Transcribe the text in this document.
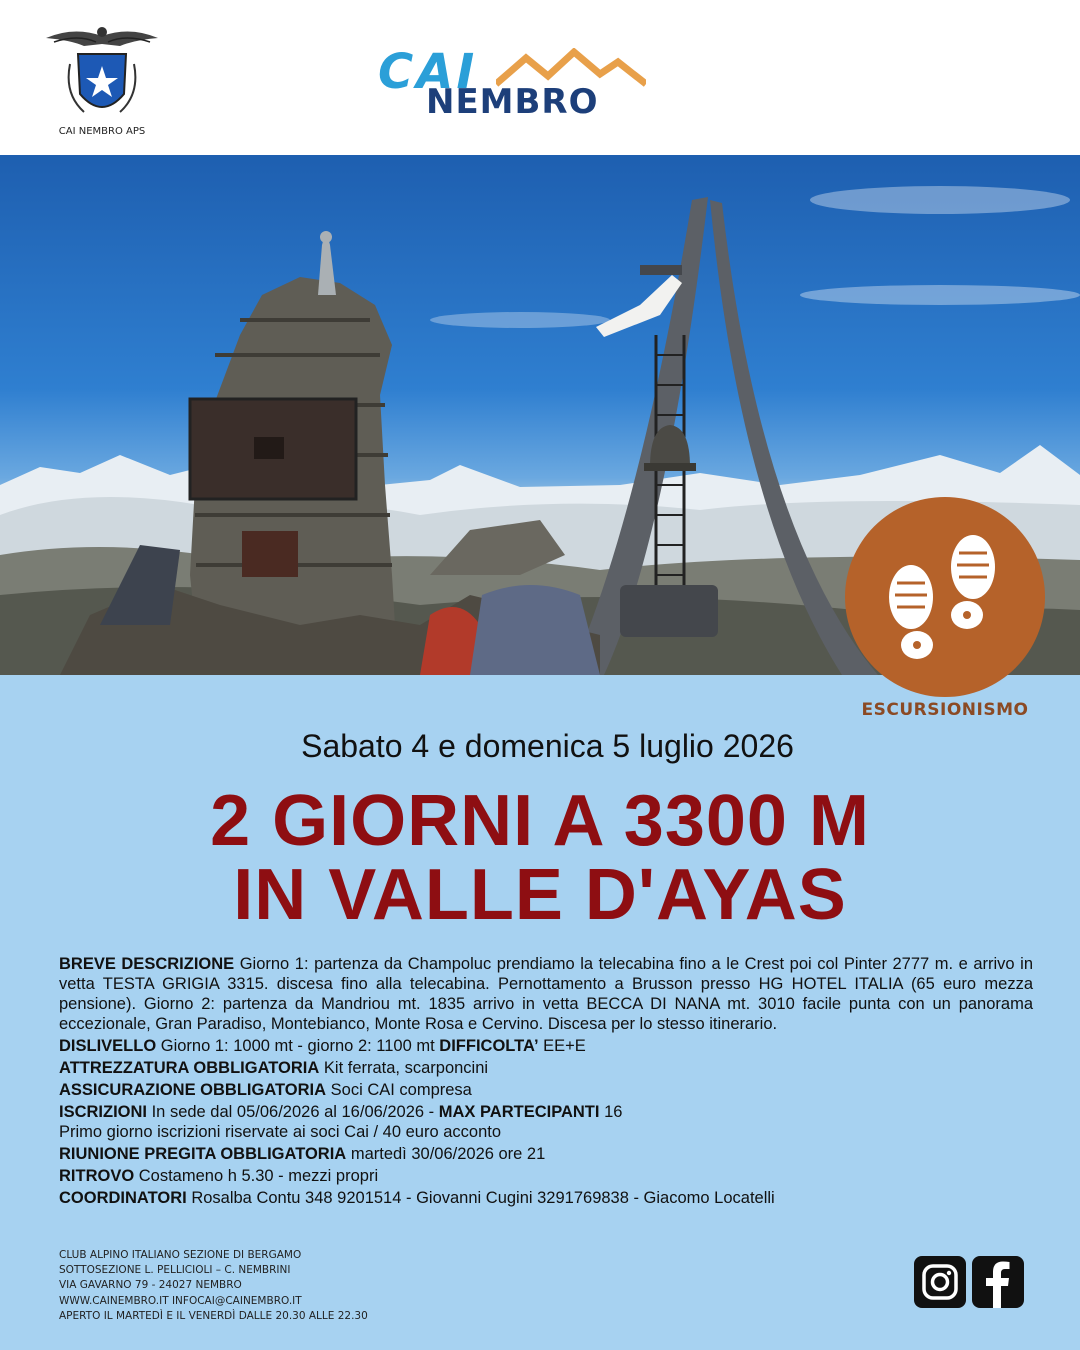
CAI NEMBRO APS
CAI
NEMBRO
ESCURSIONISMO
Sabato 4 e domenica 5 luglio 2026
2 GIORNI A 3300 M
IN VALLE D'AYAS

BREVE DESCRIZIONE Giorno 1: partenza da Champoluc prendiamo la telecabina fino a le Crest poi col Pinter 2777 m. e arrivo in vetta TESTA GRIGIA 3315. discesa fino alla telecabina. Pernottamento a Brusson presso HG HOTEL ITALIA (65 euro mezza pensione). Giorno 2: partenza da Mandriou mt. 1835 arrivo in vetta BECCA DI NANA mt. 3010 facile punta con un panorama eccezionale, Gran Paradiso, Montebianco, Monte Rosa e Cervino. Discesa per lo stesso itinerario.

DISLIVELLO Giorno 1: 1000 mt - giorno 2: 1100 mt DIFFICOLTA’ EE+E

ATTREZZATURA OBBLIGATORIA Kit ferrata, scarponcini

ASSICURAZIONE OBBLIGATORIA Soci CAI compresa

ISCRIZIONI In sede dal 05/06/2026 al 16/06/2026 - MAX PARTECIPANTI 16
Primo giorno iscrizioni riservate ai soci Cai / 40 euro acconto

RIUNIONE PREGITA OBBLIGATORIA martedì 30/06/2026 ore 21

RITROVO Costameno h 5.30 - mezzi propri

COORDINATORI Rosalba Contu 348 9201514 - Giovanni Cugini 3291769838 - Giacomo Locatelli

CLUB ALPINO ITALIANO SEZIONE DI BERGAMO
SOTTOSEZIONE L. PELLICIOLI – C. NEMBRINI
VIA GAVARNO 79 - 24027 NEMBRO
WWW.CAINEMBRO.IT INFOCAI@CAINEMBRO.IT
APERTO IL MARTEDÌ E IL VENERDÌ DALLE 20.30 ALLE 22.30
